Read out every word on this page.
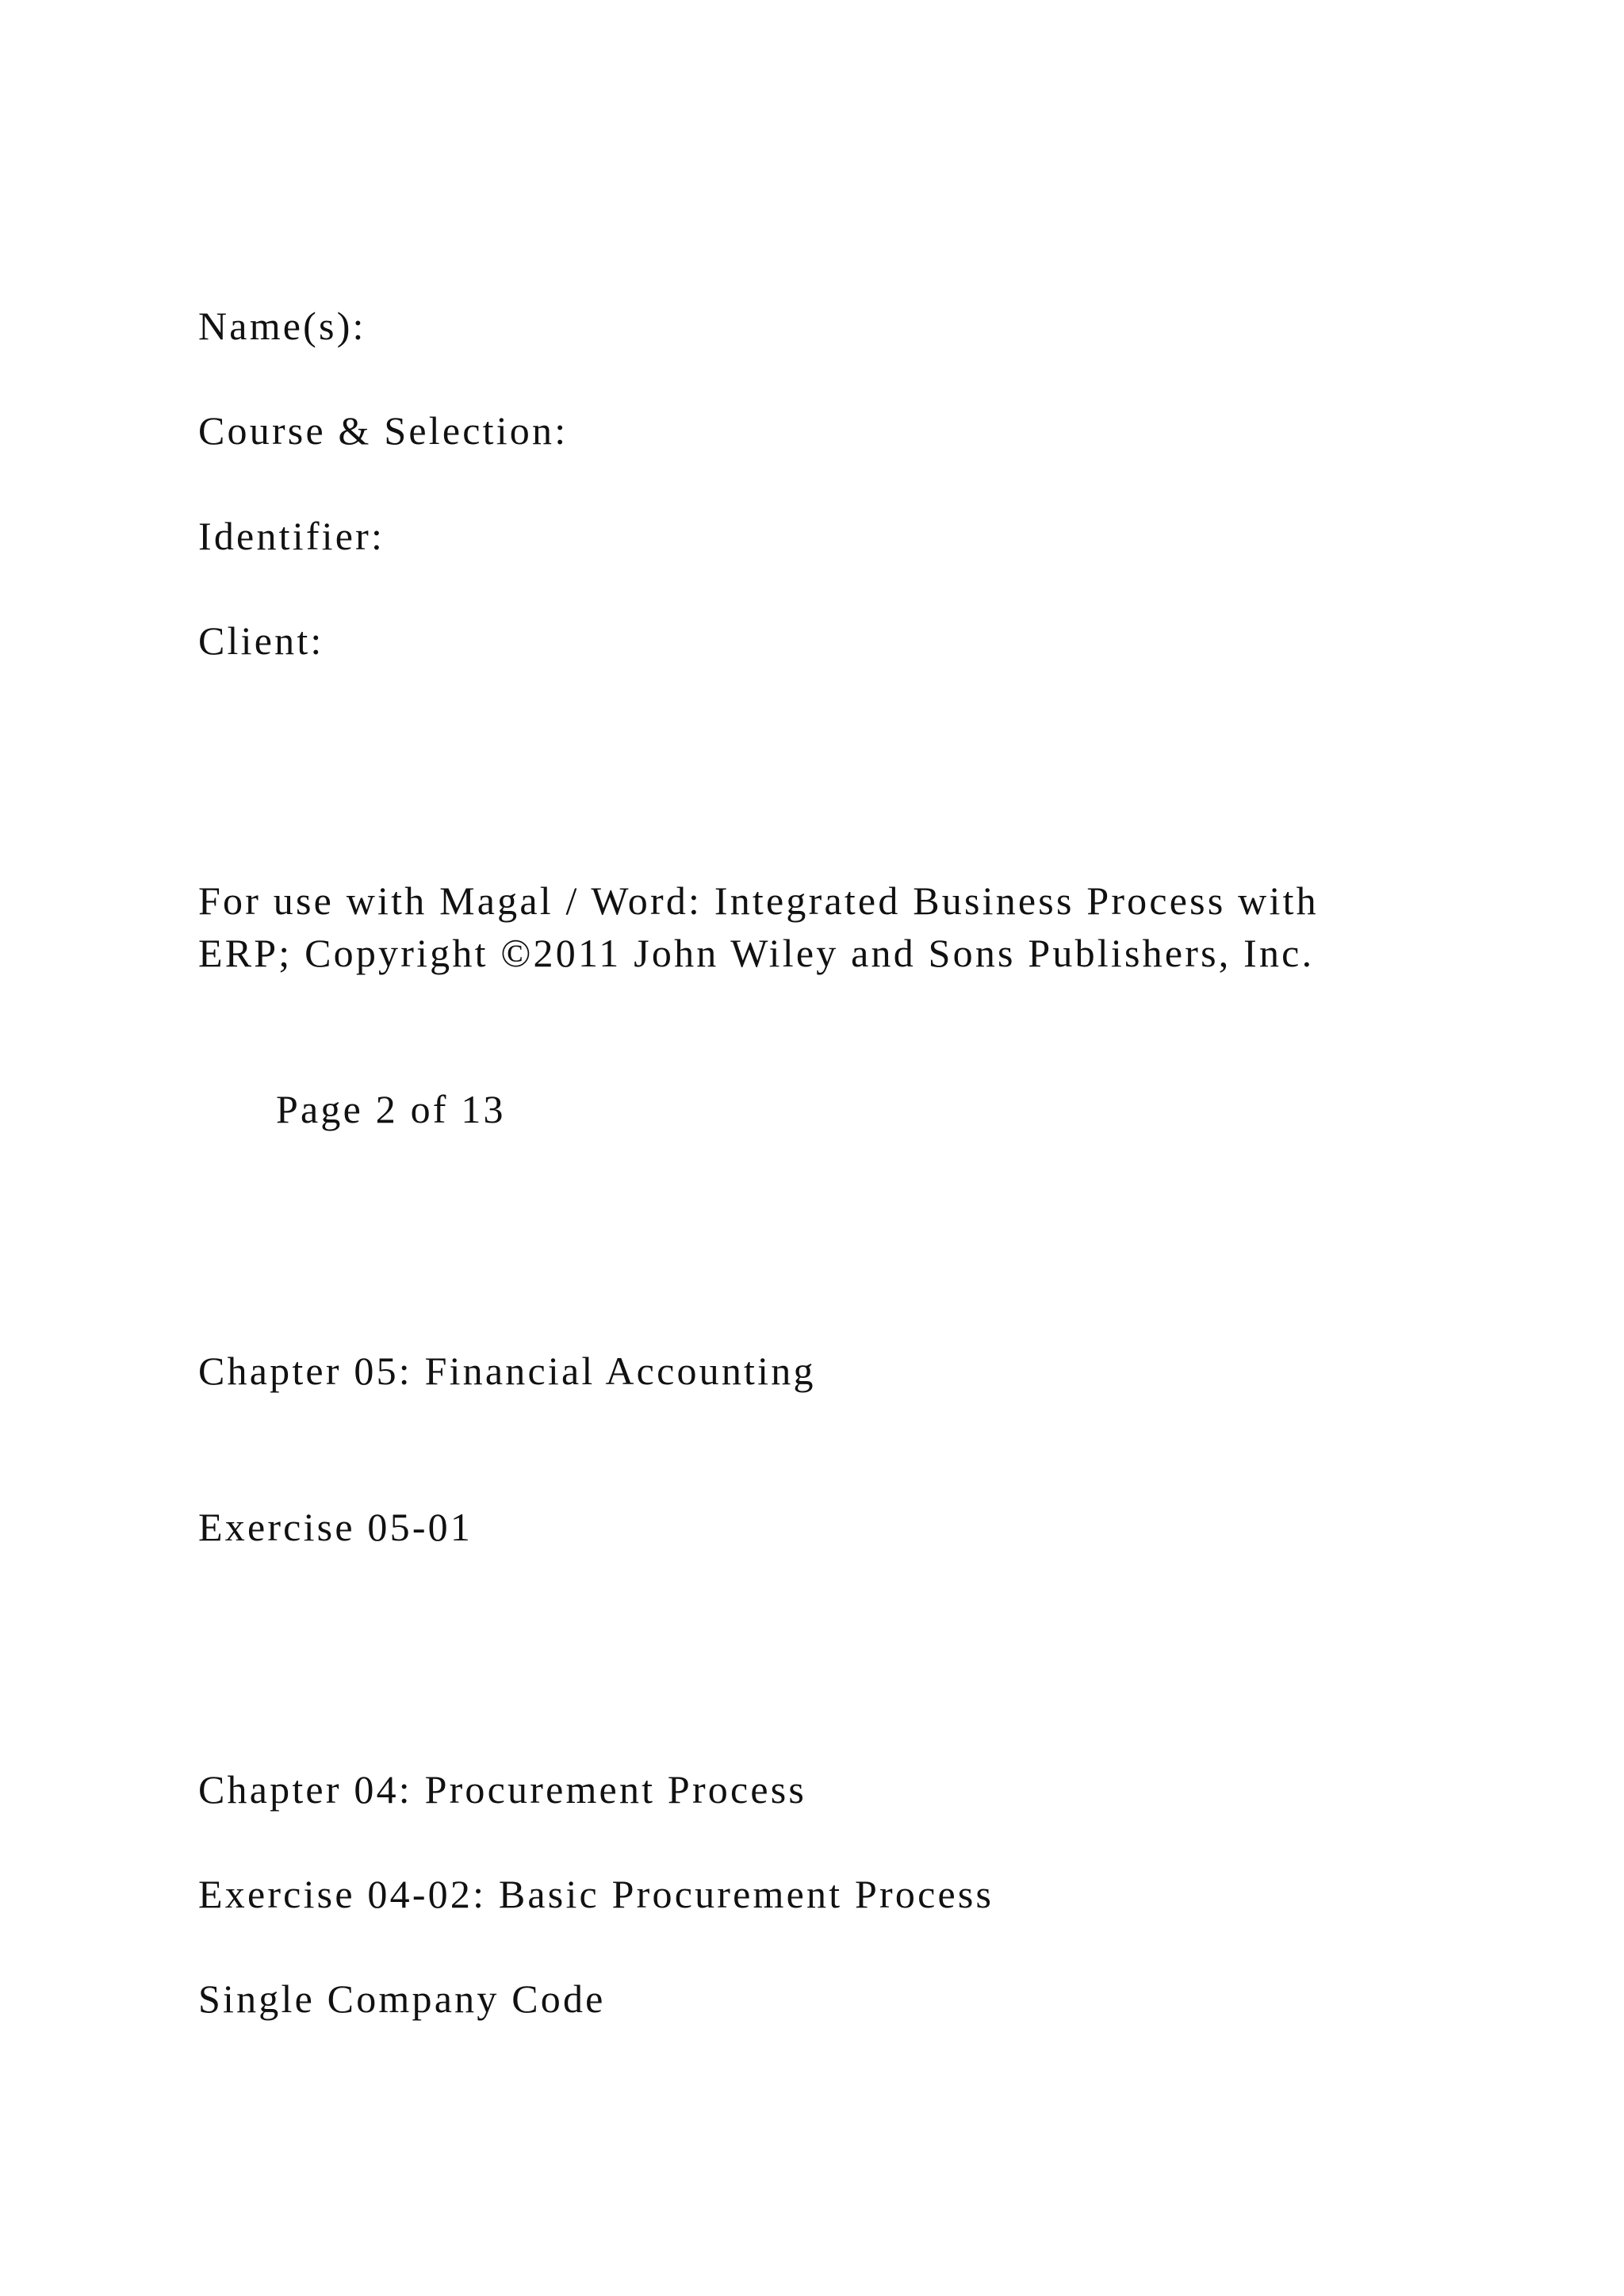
Name(s):

Course & Selection:

Identifier:

Client:

For use with Magal / Word: Integrated Business Process with

ERP; Copyright ©2011 John Wiley and Sons Publishers, Inc.

Page 2 of 13

Chapter 05: Financial Accounting
Exercise 05-01
Chapter 04: Procurement Process
Exercise 04-02: Basic Procurement Process

Single Company Code
